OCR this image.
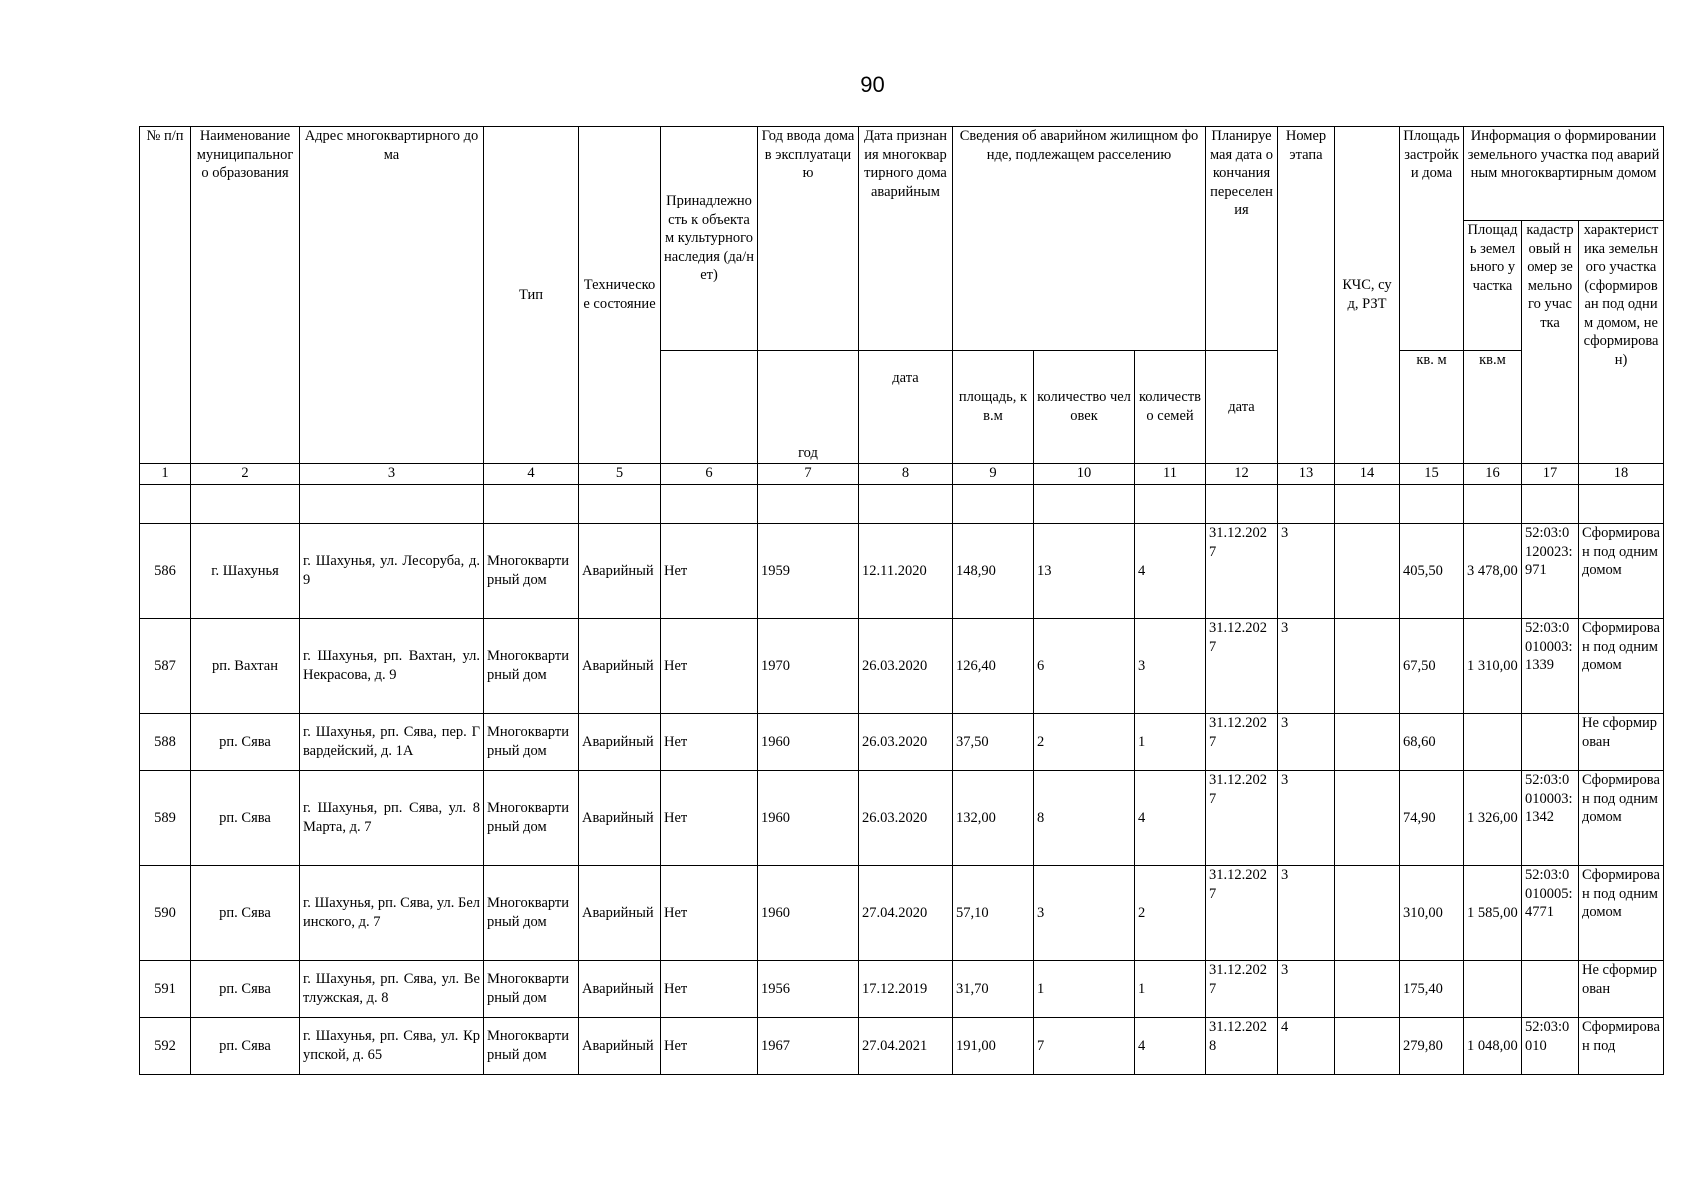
90
№ п/п	Наименование муниципального образования	Адрес многоквартирного дома	Тип	Техническое состояние	Принадлежность к объектам культурного наследия (да/нет)	Год ввода дома в эксплуатацию	Дата признания многоквартирного дома аварийным	Сведения об аварийном жилищном фонде, подлежащем расселению			Планируемая дата окончания переселения	Номер этапа	КЧС, суд, РЗТ	Площадь застройки дома	Информация о формировании земельного участка под аварийным многоквартирным домом		
															Площадь земельного участка	кадастровый номер земельного участка	характеристика земельного участка (сформирован под одним домом, не сформирован)
						год	дата	площадь, кв.м	количество человек	количество семей	дата			кв. м	кв.м		
1	2	3	4	5	6	7	8	9	10	11	12	13	14	15	16	17	18

586	г. Шахунья	г. Шахунья, ул. Лесоруба, д. 9	Многоквартирный дом	Аварийный	Нет	1959	12.11.2020	148,90	13	4	31.12.2027	3		405,50	3 478,00	52:03:0120023:971	Сформирован под одним домом
587	рп. Вахтан	г. Шахунья, рп. Вахтан, ул. Некрасова, д. 9	Многоквартирный дом	Аварийный	Нет	1970	26.03.2020	126,40	6	3	31.12.2027	3		67,50	1 310,00	52:03:0010003:1339	Сформирован под одним домом
588	рп. Сява	г. Шахунья, рп. Сява, пер. Гвардейский, д. 1А	Многоквартирный дом	Аварийный	Нет	1960	26.03.2020	37,50	2	1	31.12.2027	3		68,60			Не сформирован
589	рп. Сява	г. Шахунья, рп. Сява, ул. 8 Марта, д. 7	Многоквартирный дом	Аварийный	Нет	1960	26.03.2020	132,00	8	4	31.12.2027	3		74,90	1 326,00	52:03:0010003:1342	Сформирован под одним домом
590	рп. Сява	г. Шахунья, рп. Сява, ул. Белинского, д. 7	Многоквартирный дом	Аварийный	Нет	1960	27.04.2020	57,10	3	2	31.12.2027	3		310,00	1 585,00	52:03:0010005:4771	Сформирован под одним домом
591	рп. Сява	г. Шахунья, рп. Сява, ул. Ветлужская, д. 8	Многоквартирный дом	Аварийный	Нет	1956	17.12.2019	31,70	1	1	31.12.2027	3		175,40			Не сформирован
592	рп. Сява	г. Шахунья, рп. Сява, ул. Крупской, д. 65	Многоквартирный дом	Аварийный	Нет	1967	27.04.2021	191,00	7	4	31.12.2028	4		279,80	1 048,00	52:03:0010	Сформирован под
